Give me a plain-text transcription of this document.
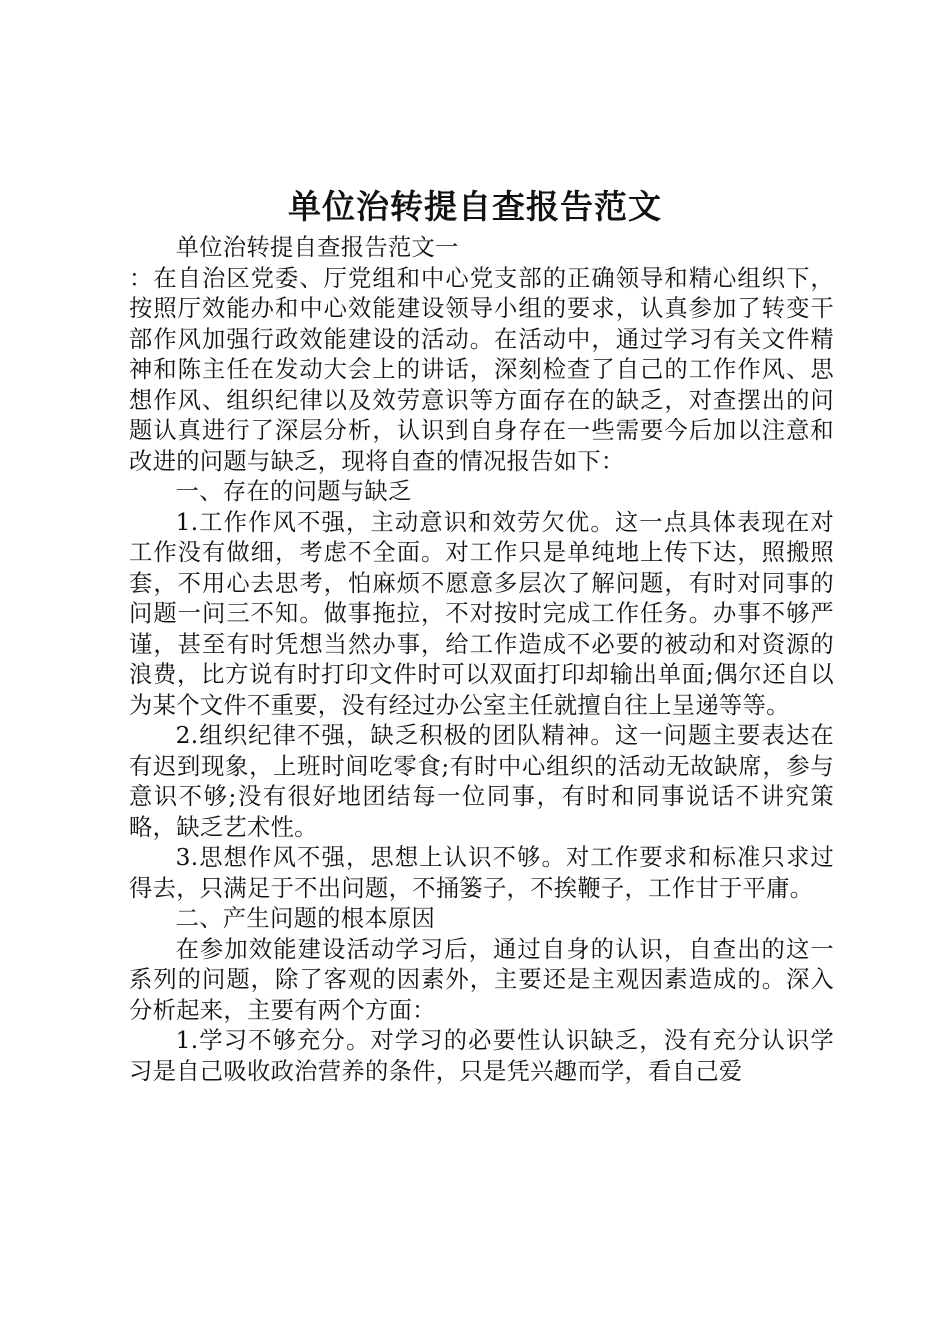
单位治转提自查报告范文

单位治转提自查报告范文一

：在自治区党委、厅党组和中心党支部的正确领导和精心组织下，按照厅效能办和中心效能建设领导小组的要求，认真参加了转变干部作风加强行政效能建设的活动。在活动中，通过学习有关文件精神和陈主任在发动大会上的讲话，深刻检查了自己的工作作风、思想作风、组织纪律以及效劳意识等方面存在的缺乏，对查摆出的问题认真进行了深层分析，认识到自身存在一些需要今后加以注意和改进的问题与缺乏，现将自查的情况报告如下：

一、存在的问题与缺乏

1.工作作风不强，主动意识和效劳欠优。这一点具体表现在对工作没有做细，考虑不全面。对工作只是单纯地上传下达，照搬照套，不用心去思考，怕麻烦不愿意多层次了解问题，有时对同事的问题一问三不知。做事拖拉，不对按时完成工作任务。办事不够严谨，甚至有时凭想当然办事，给工作造成不必要的被动和对资源的浪费，比方说有时打印文件时可以双面打印却输出单面;偶尔还自以为某个文件不重要，没有经过办公室主任就擅自往上呈递等等。

2.组织纪律不强，缺乏积极的团队精神。这一问题主要表达在有迟到现象，上班时间吃零食;有时中心组织的活动无故缺席，参与意识不够;没有很好地团结每一位同事，有时和同事说话不讲究策略，缺乏艺术性。

3.思想作风不强，思想上认识不够。对工作要求和标准只求过得去，只满足于不出问题，不捅篓子，不挨鞭子，工作甘于平庸。

二、产生问题的根本原因

在参加效能建设活动学习后，通过自身的认识，自查出的这一系列的问题，除了客观的因素外，主要还是主观因素造成的。深入分析起来，主要有两个方面：

1.学习不够充分。对学习的必要性认识缺乏，没有充分认识学习是自己吸收政治营养的条件，只是凭兴趣而学，看自己爱
